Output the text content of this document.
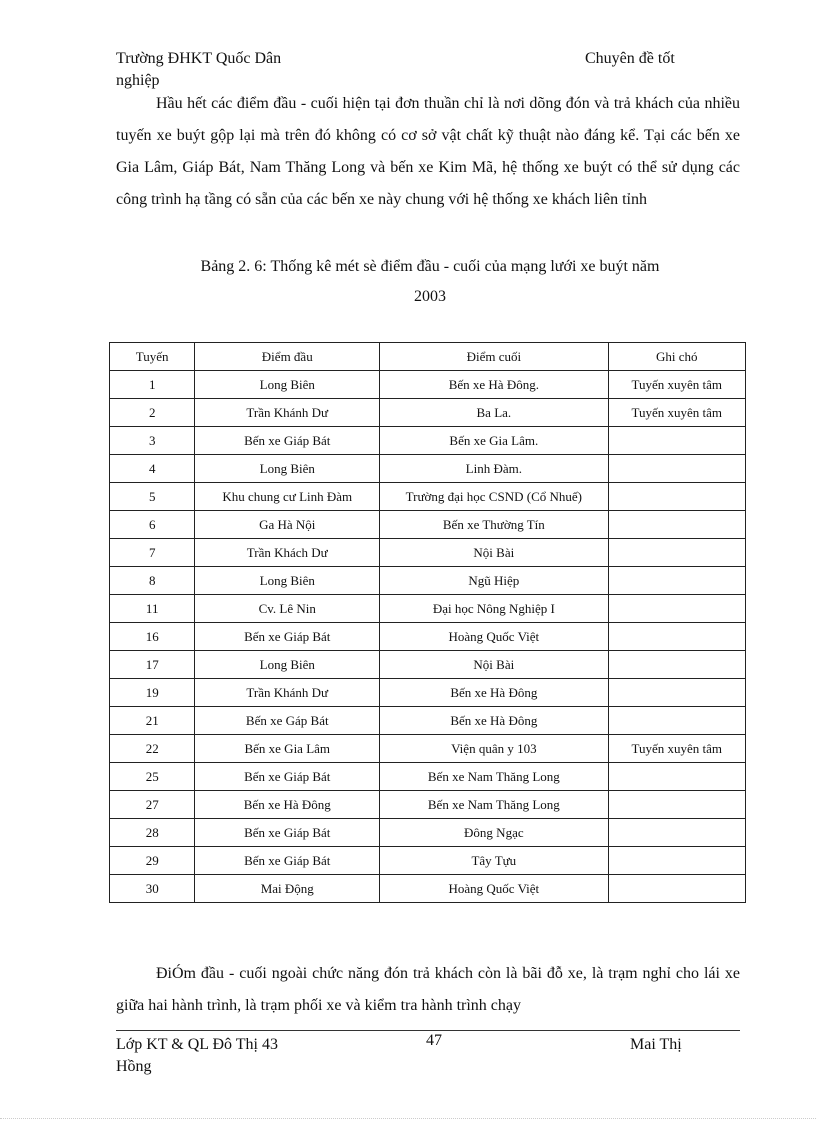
Trường ĐHKT Quốc Dân
nghiệp
Chuyên đề tốt
Hầu hết các điểm đầu - cuối hiện tại đơn thuần chỉ là nơi dõng đón và trả khách của nhiều tuyến xe buýt gộp lại mà trên đó không có cơ sở vật chất kỹ thuật nào đáng kể. Tại các bến xe Gia Lâm, Giáp Bát, Nam Thăng Long và bến xe Kim Mã, hệ thống xe buýt có thể sử dụng các công trình hạ tầng có sẵn của các bến xe này chung với hệ thống xe khách liên tỉnh
Bảng 2. 6: Thống kê mét sè điểm đầu - cuối của mạng lưới xe buýt năm
2003
Tuyến	Điểm đầu	Điểm cuối	Ghi chó
1	Long Biên	Bến xe Hà Đông.	Tuyến xuyên tâm
2	Trần Khánh Dư	Ba La.	Tuyến xuyên tâm
3	Bến xe Giáp Bát	Bến xe Gia Lâm.	
4	Long Biên	Linh Đàm.	
5	Khu chung cư Linh Đàm	Trường đại học CSND (Cổ Nhuế)	
6	Ga Hà Nội	Bến xe Thường Tín	
7	Trần Khách Dư	Nội Bài	
8	Long Biên	Ngũ Hiệp	
11	Cv. Lê Nin	Đại học Nông Nghiệp I	
16	Bến xe Giáp Bát	Hoàng Quốc Việt	
17	Long Biên	Nội Bài	
19	Trần Khánh Dư	Bến xe Hà Đông	
21	Bến xe Gáp Bát	Bến xe Hà Đông	
22	Bến xe Gia Lâm	Viện quân y 103	Tuyến xuyên tâm
25	Bến xe Giáp Bát	Bến xe Nam Thăng Long	
27	Bến xe Hà Đông	Bến xe Nam Thăng Long	
28	Bến xe Giáp Bát	Đông Ngạc	
29	Bến xe Giáp Bát	Tây Tựu	
30	Mai Động	Hoàng Quốc Việt	
ĐiÓm đầu - cuối ngoài chức năng đón trả khách còn là bãi đỗ xe, là trạm nghỉ cho lái xe giữa hai hành trình, là trạm phối xe và kiểm tra hành trình chạy
Lớp KT & QL Đô Thị 43
Hồng
47	Mai Thị
